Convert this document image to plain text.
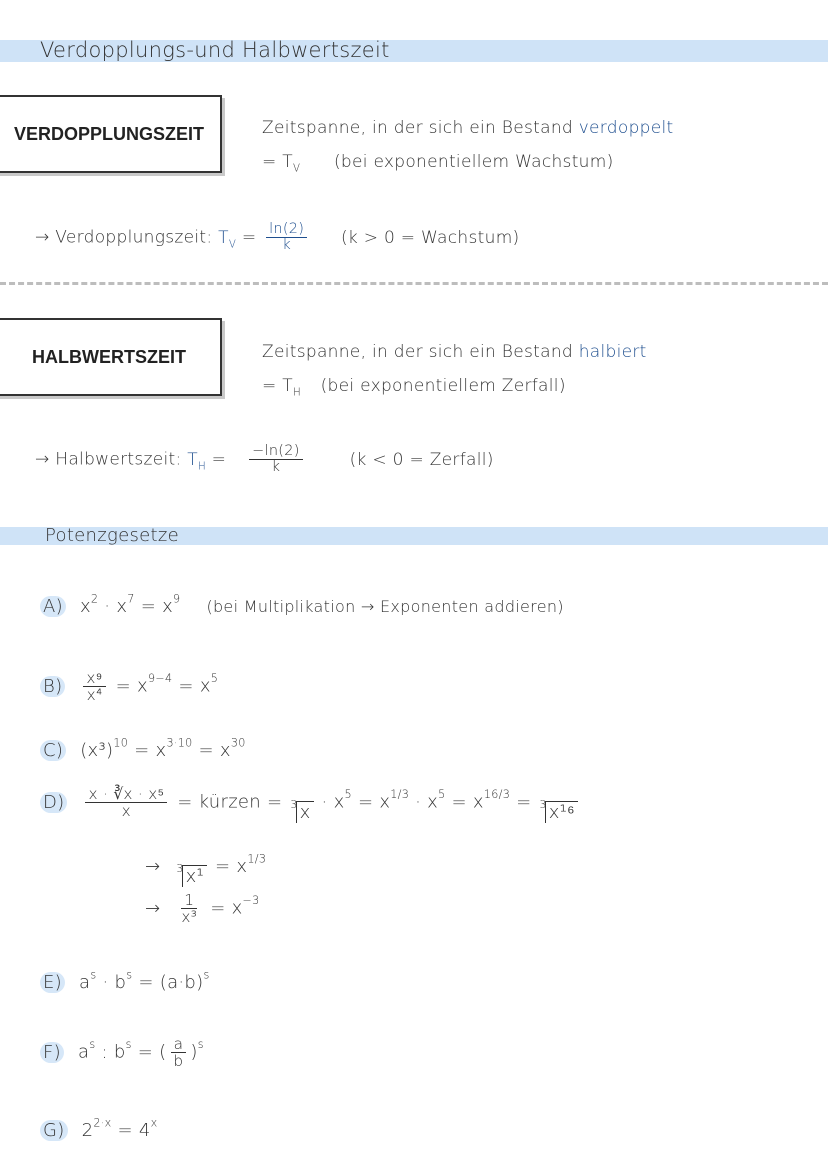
Verdopplungs-und Halbwertszeit
VERDOPPLUNGSZEIT	Zeitspanne, in der sich ein Bestand verdoppelt
= $T_V$ (bei exponentiellem Wachstum)
→ Verdopplungszeit: $T_V = \frac{\ln(2)}{k} (k > 0$ = Wachstum)
HALBWERTSZEIT	Zeitspanne, in der sich ein Bestand halbiert
= $T_H$ (bei exponentiellem Zerfall)
→ Halbwertszeit: $T_H = \frac{-\ln(2)}{k} (k < 0$ = Zerfall)
Potenzgesetze
A) $x^2 \cdot x^7 = x^9$ (bei Multiplikation → Exponenten addieren)
$B) \frac{\text{x⁹}}{\text{x⁴}} = x^{9-4} = x^5$
C) $(x^3)^{10} = x^{3\cdot 10} = x^{30}$
$D) \frac{\text{x · ∛x · x⁵}}{x}$ = kürzen = 3 $x \cdot x^5 = x^{1/3} \cdot x^5 = x^{16/3} = 3$ x¹⁶
→ 3 $x^1 = x^{1/3}$
→ $\frac{1}{\text{x³}} = x^{-3}$
E) $a^s \cdot b^s = (a\cdot b)^s$
F) $a^s$ : $b^s$ = ( $\frac{a}{b} )^s$
G) $2^{2\cdot x} = 4^x$
